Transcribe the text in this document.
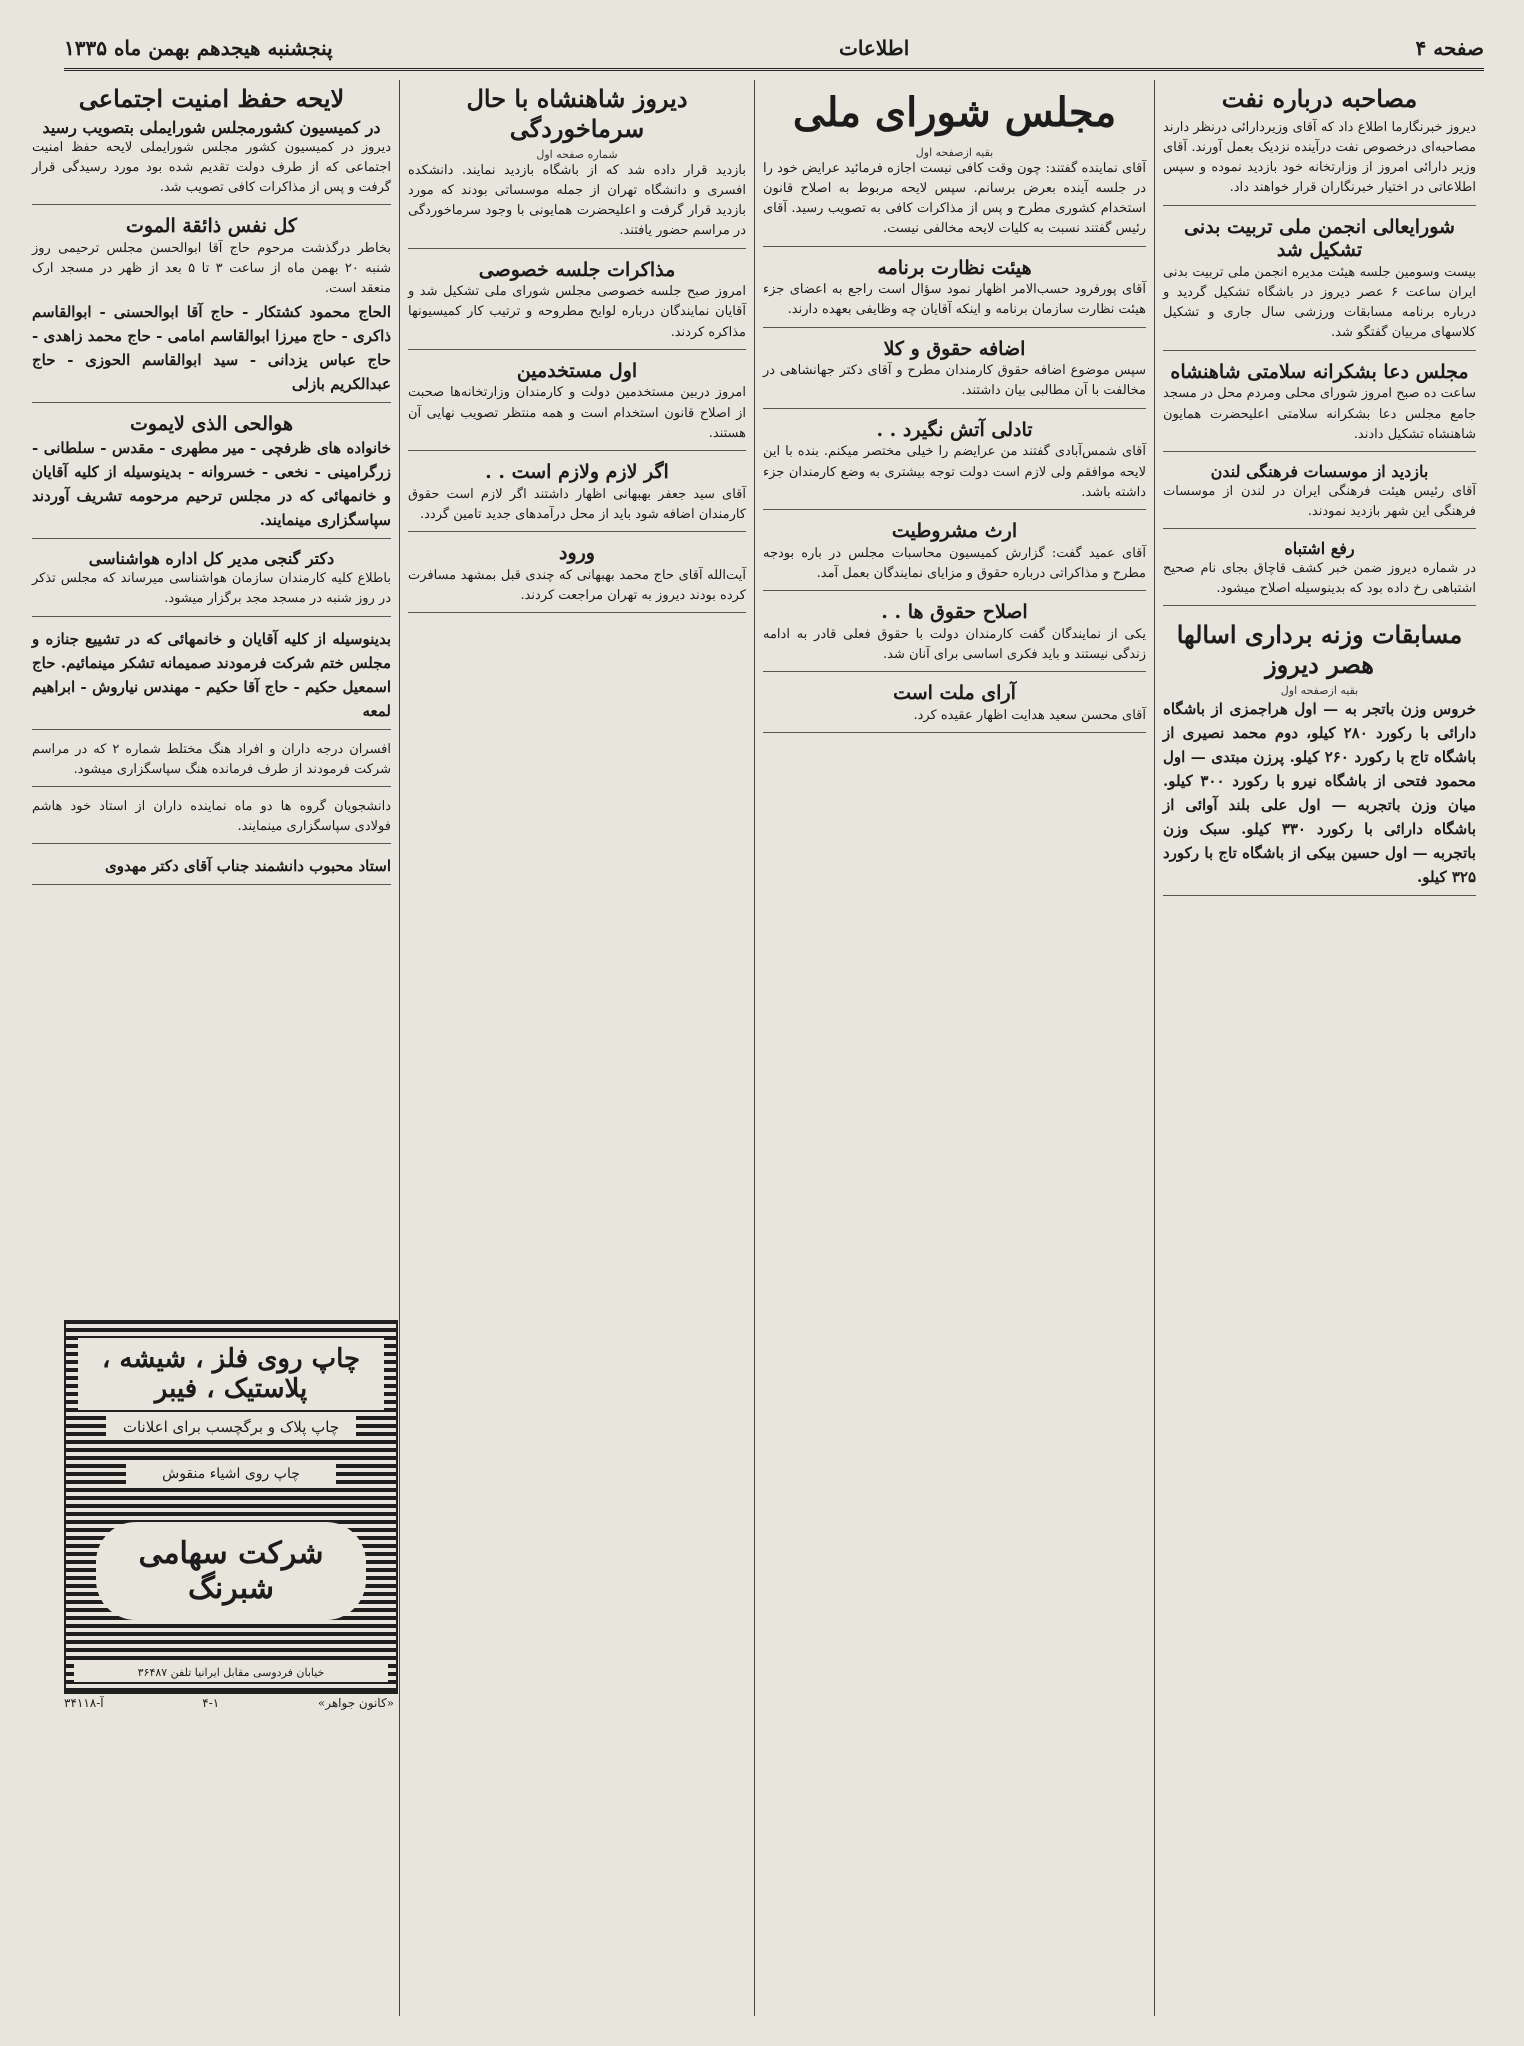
صفحه ۴
اطلاعات
پنجشنبه هیجدهم بهمن ماه ۱۳۳۵
مصاحبه درباره نفت

دیروز خبرنگارما اطلاع داد که آقای وزیردارائی درنظر دارند مصاحبه‌ای درخصوص نفت درآینده نزدیک بعمل آورند. آقای وزیر دارائی امروز از وزارتخانه خود بازدید نموده و سپس اطلاعاتی در اختیار خبرنگاران قرار خواهند داد.

شورایعالی انجمن ملی تربیت بدنی تشکیل شد

بیست وسومین جلسه هیئت مدیره انجمن ملی تربیت بدنی ایران ساعت ۶ عصر دیروز در باشگاه تشکیل گردید و درباره برنامه مسابقات ورزشی سال جاری و تشکیل کلاسهای مربیان گفتگو شد.

مجلس دعا بشکرانه سلامتی شاهنشاه

ساعت ده صبح امروز شورای محلی ومردم محل در مسجد جامع مجلس دعا بشکرانه سلامتی اعلیحضرت همایون شاهنشاه تشکیل دادند.

بازدید از موسسات فرهنگی لندن

آقای رئیس هیئت فرهنگی ایران در لندن از موسسات فرهنگی این شهر بازدید نمودند.

رفع اشتباه

در شماره دیروز ضمن خبر کشف قاچاق بجای نام صحیح اشتباهی رخ داده بود که بدینوسیله اصلاح میشود.

مسابقات وزنه برداری اسالها هصر دیروز
بقیه ازصفحه اول

خروس وزن باتجر به — اول هراجمزی از باشگاه دارائی با رکورد ۲۸۰ کیلو، دوم محمد نصیری از باشگاه تاج با رکورد ۲۶۰ کیلو. پرزن مبتدی — اول محمود فتحی از باشگاه نیرو با رکورد ۳۰۰ کیلو. میان وزن باتجربه — اول علی بلند آوائی از باشگاه دارائی با رکورد ۳۳۰ کیلو. سبک وزن باتجربه — اول حسین بیکی از باشگاه تاج با رکورد ۳۲۵ کیلو.

مجلس شورای ملی
بقیه ازصفحه اول

آقای نماینده گفتند: چون وقت کافی نیست اجازه فرمائید عرایض خود را در جلسه آینده بعرض برسانم. سپس لایحه مربوط به اصلاح قانون استخدام کشوری مطرح و پس از مذاکرات کافی به تصویب رسید. آقای رئیس گفتند نسبت به کلیات لایحه مخالفی نیست.

هیئت نظارت برنامه

آقای پورفرود حسب‌الامر اظهار نمود سؤال است راجع به اعضای جزء هیئت نظارت سازمان برنامه و اینکه آقایان چه وظایفی بعهده دارند.

اضافه حقوق و کلا

سپس موضوع اضافه حقوق کارمندان مطرح و آقای دکتر جهانشاهی در مخالفت با آن مطالبی بیان داشتند.

تادلی آتش نگیرد . .

آقای شمس‌آبادی گفتند من عرایضم را خیلی مختصر میکنم. بنده با این لایحه موافقم ولی لازم است دولت توجه بیشتری به وضع کارمندان جزء داشته باشد.

ارث مشروطیت

آقای عمید گفت: گزارش کمیسیون محاسبات مجلس در باره بودجه مطرح و مذاکراتی درباره حقوق و مزایای نمایندگان بعمل آمد.

اصلاح حقوق ها . .

یکی از نمایندگان گفت کارمندان دولت با حقوق فعلی قادر به ادامه زندگی نیستند و باید فکری اساسی برای آنان شد.

آرای ملت است

آقای محسن سعید هدایت اظهار عقیده کرد.

دیروز شاهنشاه با حال سرماخوردگی
شماره صفحه اول

بازدید قرار داده شد که از باشگاه بازدید نمایند. دانشکده افسری و دانشگاه تهران از جمله موسساتی بودند که مورد بازدید قرار گرفت و اعلیحضرت همایونی با وجود سرماخوردگی در مراسم حضور یافتند.

مذاکرات جلسه خصوصی

امروز صبح جلسه خصوصی مجلس شورای ملی تشکیل شد و آقایان نمایندگان درباره لوایح مطروحه و ترتیب کار کمیسیونها مذاکره کردند.

اول مستخدمین

امروز دربین مستخدمین دولت و کارمندان وزارتخانه‌ها صحبت از اصلاح قانون استخدام است و همه منتظر تصویب نهایی آن هستند.

اگر لازم ولازم است . .

آقای سید جعفر بهبهانی اظهار داشتند اگر لازم است حقوق کارمندان اضافه شود باید از محل درآمدهای جدید تامین گردد.

ورود

آیت‌الله آقای حاج محمد بهبهانی که چندی قبل بمشهد مسافرت کرده بودند دیروز به تهران مراجعت کردند.

لایحه حفظ امنیت اجتماعی
در کمیسیون کشورمجلس شورایملی بتصویب رسید

دیروز در کمیسیون کشور مجلس شورایملی لایحه حفظ امنیت اجتماعی که از طرف دولت تقدیم شده بود مورد رسیدگی قرار گرفت و پس از مذاکرات کافی تصویب شد.

کل نفس ذائقة الموت

بخاطر درگذشت مرحوم حاج آقا ابوالحسن مجلس ترحیمی روز شنبه ۲۰ بهمن ماه از ساعت ۳ تا ۵ بعد از ظهر در مسجد ارک منعقد است.

الحاج محمود کشتکار - حاج آقا ابوالحسنی - ابوالقاسم ذاکری - حاج میرزا ابوالقاسم امامی - حاج محمد زاهدی - حاج عباس یزدانی - سید ابوالقاسم الحوزی - حاج عبدالکریم بازلی

هوالحی الذی لایموت

خانواده های ظرفچی - میر مطهری - مقدس - سلطانی - زرگرامینی - نخعی - خسروانه - بدینوسیله از کلیه آقایان و خانمهائی که در مجلس ترحیم مرحومه تشریف آوردند سپاسگزاری مینمایند.

دکتر گنجی مدیر کل اداره هواشناسی

باطلاع کلیه کارمندان سازمان هواشناسی میرساند که مجلس تذکر در روز شنبه در مسجد مجد برگزار میشود.

بدینوسیله از کلیه آقایان و خانمهائی که در تشییع جنازه و مجلس ختم شرکت فرمودند صمیمانه تشکر مینمائیم. حاج اسمعیل حکیم - حاج آقا حکیم - مهندس نیاروش - ابراهیم لمعه

افسران درجه داران و افراد هنگ مختلط شماره ۲ که در مراسم شرکت فرمودند از طرف فرمانده هنگ سپاسگزاری میشود.

دانشجویان گروه ها دو ماه نماینده داران از استاد خود هاشم فولادی سپاسگزاری مینمایند.

استاد محبوب دانشمند جناب آقای دکتر مهدوی

چاپ روی فلز ، شیشه ، پلاستیک ، فیبر
چاپ پلاک و برگچسب برای اعلانات
چاپ روی اشیاء منقوش
شرکت سهامی شبرنگ
خیابان فردوسی مقابل ایرانیا تلفن ۳۶۴۸۷
«کانون جواهر»
۴-۱
آ-۳۴۱۱۸
